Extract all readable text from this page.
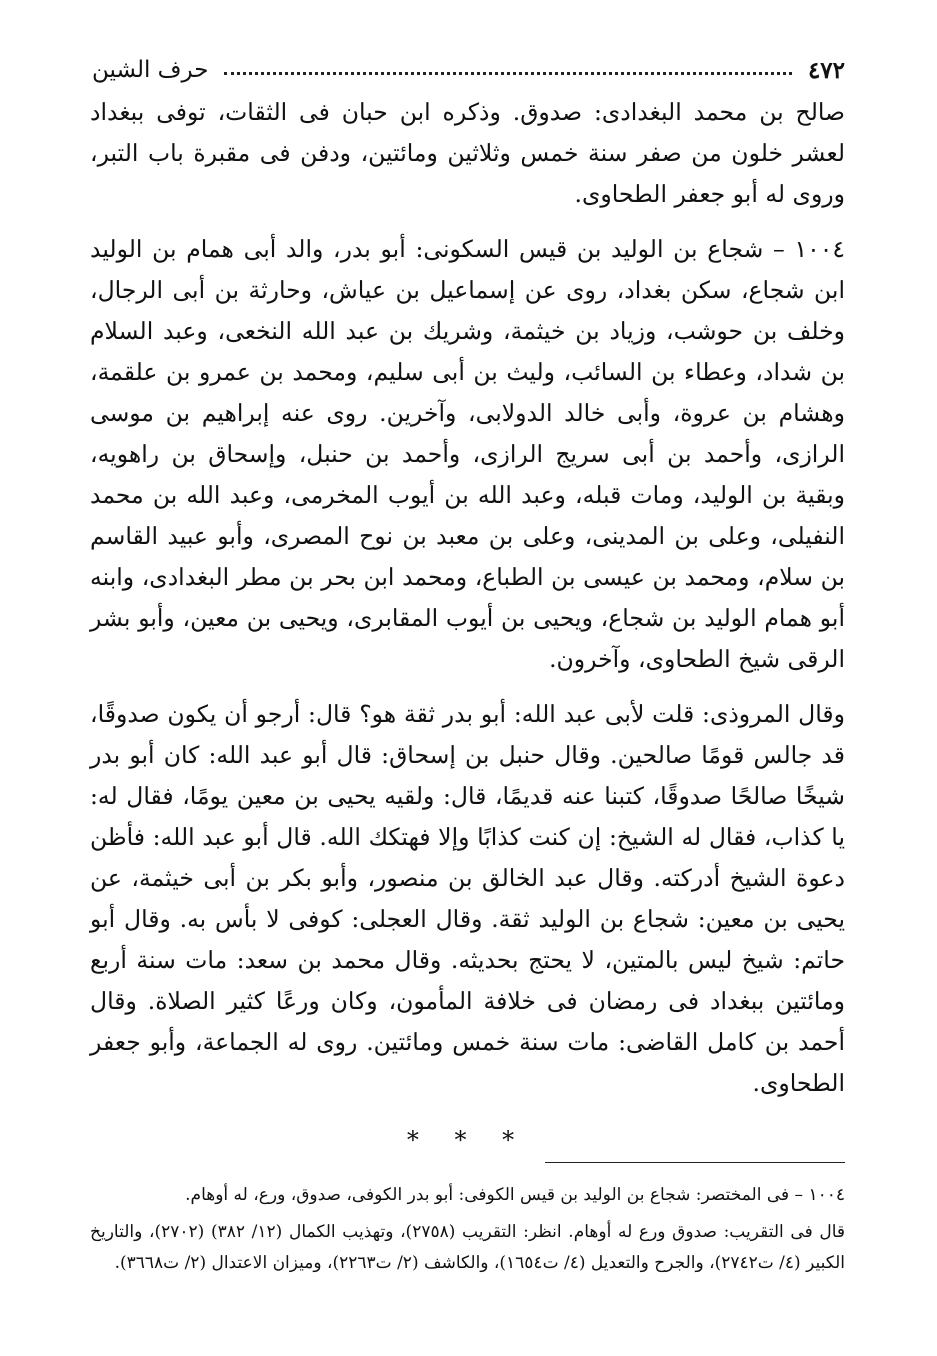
٤٧٢
حرف الشين

صالح بن محمد البغدادى: صدوق. وذكره ابن حبان فى الثقات، توفى ببغداد لعشر خلون من صفر سنة خمس وثلاثين ومائتين، ودفن فى مقبرة باب التبر، وروى له أبو جعفر الطحاوى.

١٠٠٤ – شجاع بن الوليد بن قيس السكونى: أبو بدر، والد أبى همام بن الوليد ابن شجاع، سكن بغداد، روى عن إسماعيل بن عياش، وحارثة بن أبى الرجال، وخلف بن حوشب، وزياد بن خيثمة، وشريك بن عبد الله النخعى، وعبد السلام بن شداد، وعطاء بن السائب، وليث بن أبى سليم، ومحمد بن عمرو بن علقمة، وهشام بن عروة، وأبى خالد الدولابى، وآخرين. روى عنه إبراهيم بن موسى الرازى، وأحمد بن أبى سريج الرازى، وأحمد بن حنبل، وإسحاق بن راهويه، وبقية بن الوليد، ومات قبله، وعبد الله بن أيوب المخرمى، وعبد الله بن محمد النفيلى، وعلى بن المدينى، وعلى بن معبد بن نوح المصرى، وأبو عبيد القاسم بن سلام، ومحمد بن عيسى بن الطباع، ومحمد ابن بحر بن مطر البغدادى، وابنه أبو همام الوليد بن شجاع، ويحيى بن أيوب المقابرى، ويحيى بن معين، وأبو بشر الرقى شيخ الطحاوى، وآخرون.

وقال المروذى: قلت لأبى عبد الله: أبو بدر ثقة هو؟ قال: أرجو أن يكون صدوقًا، قد جالس قومًا صالحين. وقال حنبل بن إسحاق: قال أبو عبد الله: كان أبو بدر شيخًا صالحًا صدوقًا، كتبنا عنه قديمًا، قال: ولقيه يحيى بن معين يومًا، فقال له: يا كذاب، فقال له الشيخ: إن كنت كذابًا وإلا فهتكك الله. قال أبو عبد الله: فأظن دعوة الشيخ أدركته. وقال عبد الخالق بن منصور، وأبو بكر بن أبى خيثمة، عن يحيى بن معين: شجاع بن الوليد ثقة. وقال العجلى: كوفى لا بأس به. وقال أبو حاتم: شيخ ليس بالمتين، لا يحتج بحديثه. وقال محمد بن سعد: مات سنة أربع ومائتين ببغداد فى رمضان فى خلافة المأمون، وكان ورعًا كثير الصلاة. وقال أحمد بن كامل القاضى: مات سنة خمس ومائتين. روى له الجماعة، وأبو جعفر الطحاوى.

* * *

١٠٠٤ – فى المختصر: شجاع بن الوليد بن قيس الكوفى: أبو بدر الكوفى، صدوق، ورع، له أوهام.

قال فى التقريب: صدوق ورع له أوهام. انظر: التقريب (٢٧٥٨)، وتهذيب الكمال (١٢/ ٣٨٢) (٢٧٠٢)، والتاريخ الكبير (٤/ ت٢٧٤٢)، والجرح والتعديل (٤/ ت١٦٥٤)، والكاشف (٢/ ت٢٢٦٣)، وميزان الاعتدال (٢/ ت٣٦٦٨).
